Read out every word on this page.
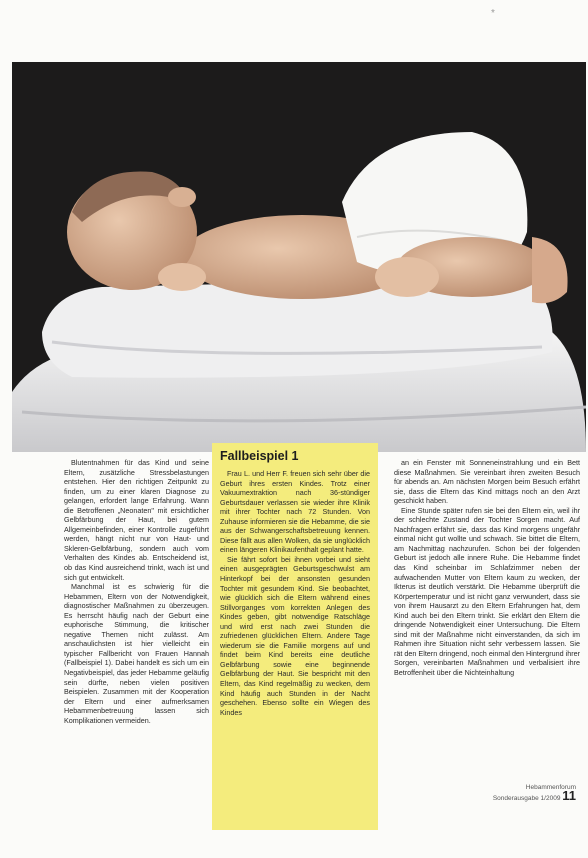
*

Blutentnahmen für das Kind und seine Eltern, zusätzliche Stressbelastungen entstehen. Hier den richtigen Zeitpunkt zu finden, um zu einer klaren Diagnose zu gelangen, erfordert lange Erfahrung. Wann die Betroffenen „Neonaten" mit ersichtlicher Gelbfärbung der Haut, bei gutem Allgemeinbefinden, einer Kontrolle zugeführt werden, hängt nicht nur von Haut- und Skleren-Gelbfärbung, sondern auch vom Verhalten des Kindes ab. Entscheidend ist, ob das Kind ausreichend trinkt, wach ist und sich gut entwickelt.

Manchmal ist es schwierig für die Hebammen, Eltern von der Notwendigkeit, diagnostischer Maßnahmen zu überzeugen. Es herrscht häufig nach der Geburt eine euphorische Stimmung, die kritischer negative Themen nicht zulässt. Am anschaulichsten ist hier vielleicht ein typischer Fallbericht von Frauen Hannah (Fallbeispiel 1). Dabei handelt es sich um ein Negativbeispiel, das jeder Hebamme geläufig sein dürfte, neben vielen positiven Beispielen. Zusammen mit der Kooperation der Eltern und einer aufmerksamen Hebammenbetreuung lassen sich Komplikationen vermeiden.

Fallbeispiel 1

Frau L. und Herr F. freuen sich sehr über die Geburt ihres ersten Kindes. Trotz einer Vakuumextraktion nach 36-stündiger Geburtsdauer verlassen sie wieder ihre Klinik mit ihrer Tochter nach 72 Stunden. Von Zuhause informieren sie die Hebamme, die sie aus der Schwangerschaftsbetreuung kennen. Diese fällt aus allen Wolken, da sie unglücklich einen längeren Klinikaufenthalt geplant hatte.

Sie fährt sofort bei ihnen vorbei und sieht einen ausgeprägten Geburtsgeschwulst am Hinterkopf bei der ansonsten gesunden Tochter mit gesundem Kind. Sie beobachtet, wie glücklich sich die Eltern während eines Stillvorganges vom korrekten Anlegen des Kindes geben, gibt notwendige Ratschläge und wird erst nach zwei Stunden die zufriedenen glücklichen Eltern. Andere Tage wiederum sie die Familie morgens auf und findet beim Kind bereits eine deutliche Gelbfärbung sowie eine beginnende Gelbfärbung der Haut. Sie bespricht mit den Eltern, das Kind regelmäßig zu wecken, dem Kind häufig auch Stunden in der Nacht geschehen. Ebenso sollte ein Wiegen des Kindes

an ein Fenster mit Sonneneinstrahlung und ein Bett diese Maßnahmen. Sie vereinbart ihren zweiten Besuch für abends an. Am nächsten Morgen beim Besuch erfährt sie, dass die Eltern das Kind mittags noch an den Arzt geschickt haben.

Eine Stunde später rufen sie bei den Eltern ein, weil ihr der schlechte Zustand der Tochter Sorgen macht. Auf Nachfragen erfährt sie, dass das Kind morgens ungefähr einmal nicht gut wollte und schwach. Sie bittet die Eltern, am Nachmittag nachzurufen. Schon bei der folgenden Geburt ist jedoch alle innere Ruhe. Die Hebamme findet das Kind scheinbar im Schlafzimmer neben der aufwachenden Mutter von Eltern kaum zu wecken, der Ikterus ist deutlich verstärkt. Die Hebamme überprüft die Körpertemperatur und ist nicht ganz verwundert, dass sie von ihrem Hausarzt zu den Eltern Erfahrungen hat, dem Kind auch bei den Eltern trinkt. Sie erklärt den Eltern die dringende Notwendigkeit einer Untersuchung. Die Eltern sind mit der Maßnahme nicht einverstanden, da sich im Rahmen ihre Situation nicht sehr verbessern lassen. Sie rät den Eltern dringend, noch einmal den Hintergrund ihrer Sorgen, vereinbarten Maßnahmen und verbalisiert ihre Betroffenheit über die Nichteinhaltung

Hebammenforum
Sonderausgabe 1/2009 11
